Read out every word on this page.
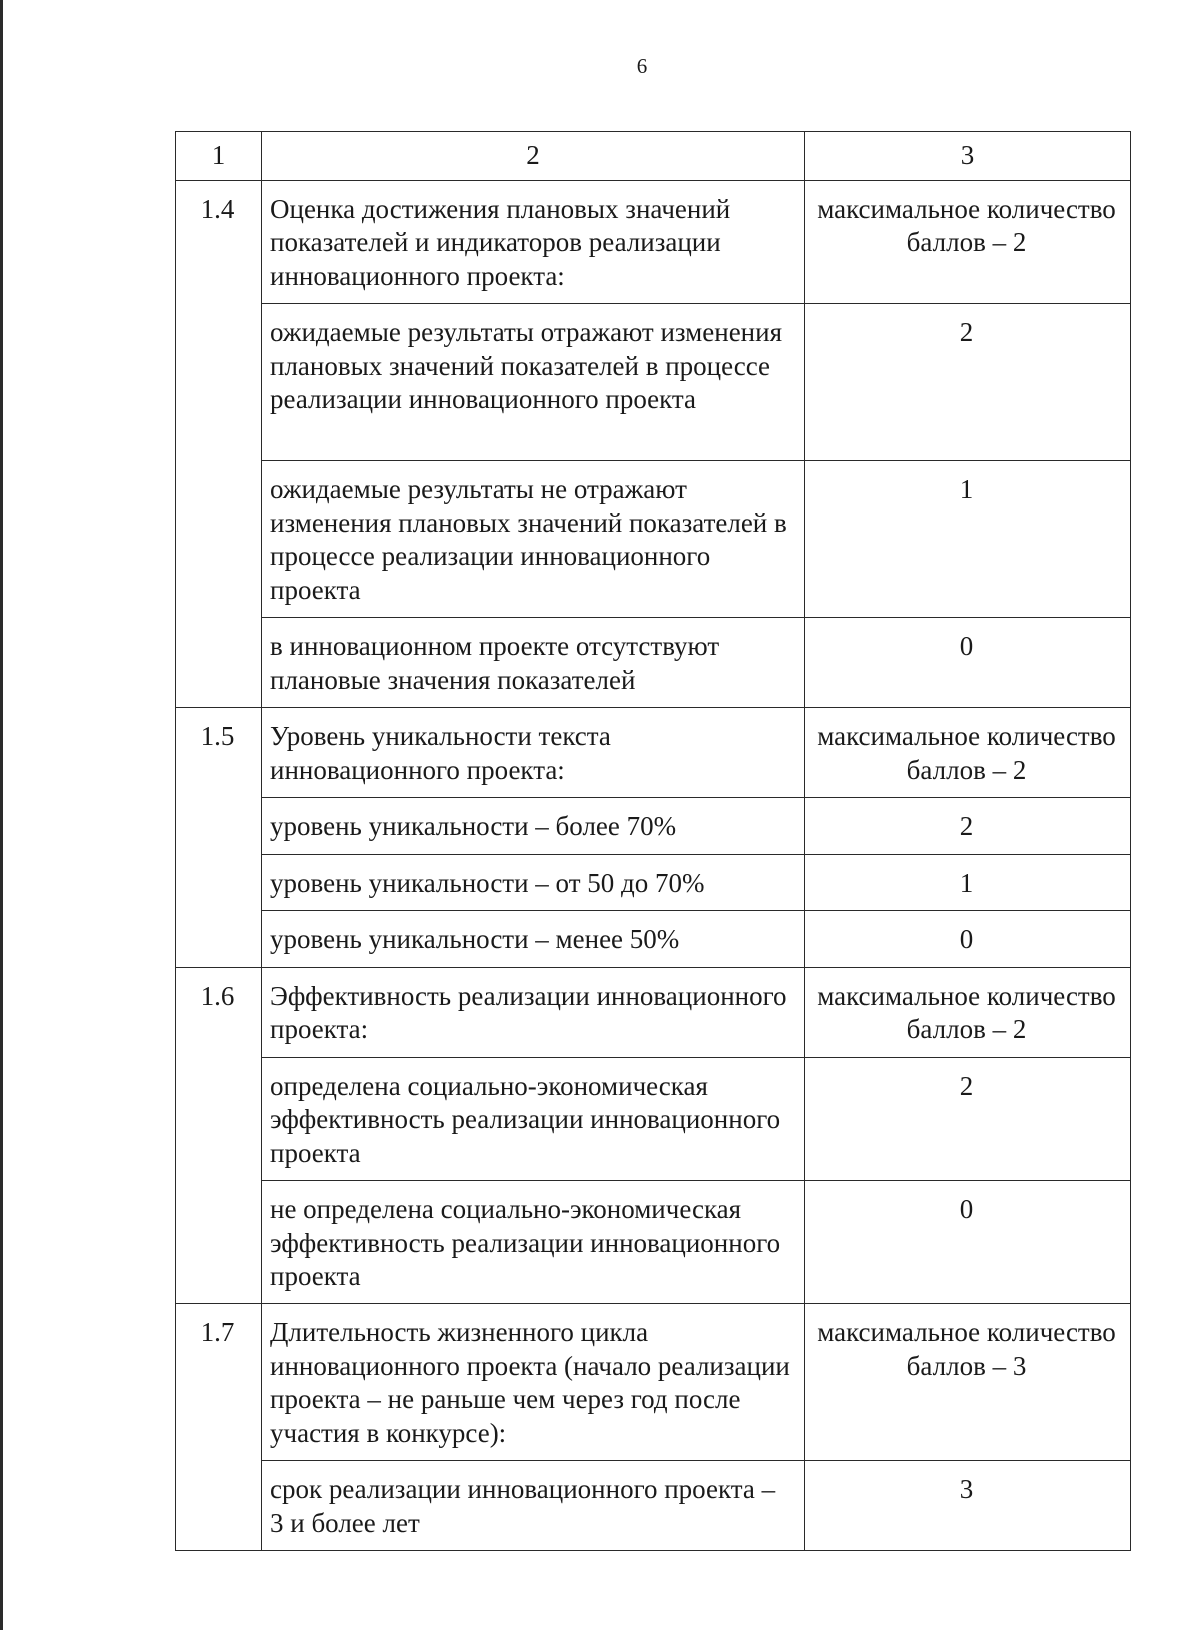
6
1	2	3
1.4	Оценка достижения плановых значений показателей и индикаторов реализации инновационного проекта:	максимальное количество баллов – 2
	ожидаемые результаты отражают изменения плановых значений показателей в процессе реализации инновационного проекта	2
	ожидаемые результаты не отражают изменения плановых значений показателей в процессе реализации инновационного проекта	1
	в инновационном проекте отсутствуют плановые значения показателей	0
1.5	Уровень уникальности текста инновационного проекта:	максимальное количество баллов – 2
	уровень уникальности – более 70%	2
	уровень уникальности – от 50 до 70%	1
	уровень уникальности – менее 50%	0
1.6	Эффективность реализации инновационного проекта:	максимальное количество баллов – 2
	определена социально-экономическая эффективность реализации инновационного проекта	2
	не определена социально-экономическая эффективность реализации инновационного проекта	0
1.7	Длительность жизненного цикла инновационного проекта (начало реализации проекта – не раньше чем через год после участия в конкурсе):	максимальное количество баллов – 3
	срок реализации инновационного проекта – 3 и более лет	3
